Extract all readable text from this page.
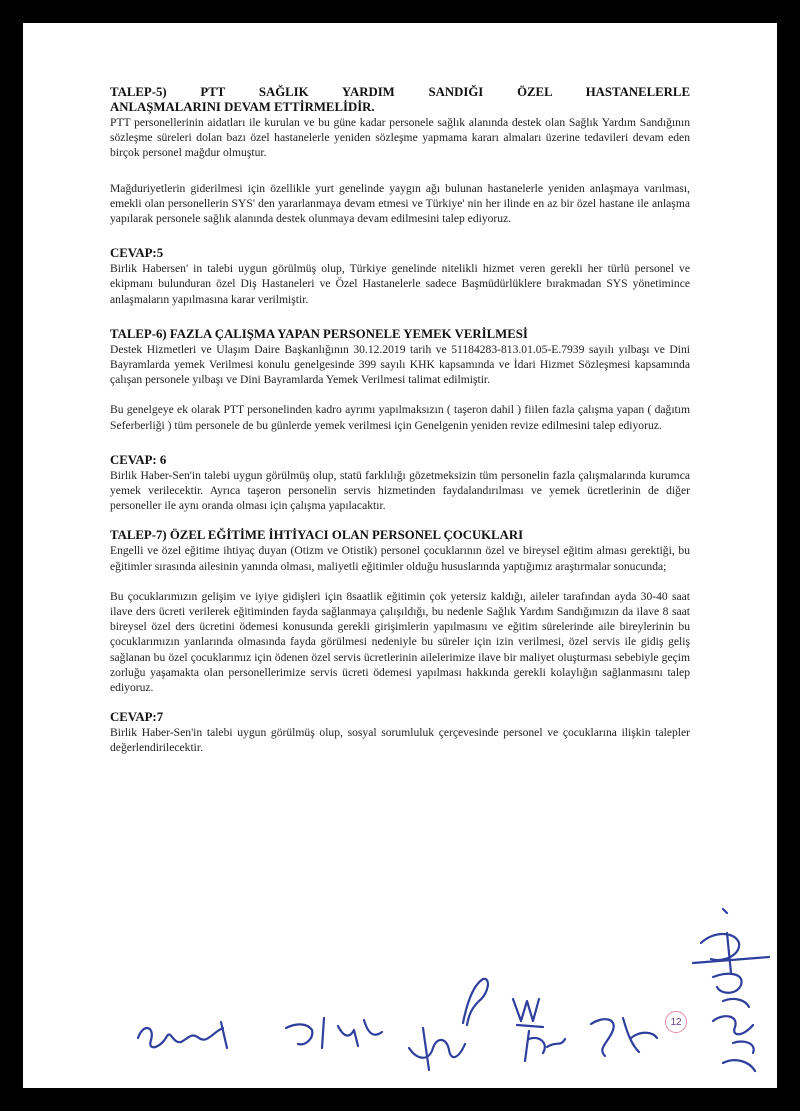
TALEP-5) PTT SAĞLIK YARDIM SANDIĞI ÖZEL HASTANELERLE

ANLAŞMALARINI DEVAM ETTİRMELİDİR.

PTT personellerinin aidatları ile kurulan ve bu güne kadar personele sağlık alanında destek olan Sağlık Yardım Sandığının sözleşme süreleri dolan bazı özel hastanelerle yeniden sözleşme yapmama kararı almaları üzerine tedavileri devam eden birçok personel mağdur olmuştur.

Mağduriyetlerin giderilmesi için özellikle yurt genelinde yaygın ağı bulunan hastanelerle yeniden anlaşmaya varılması, emekli olan personellerin SYS' den yararlanmaya devam etmesi ve Türkiye' nin her ilinde en az bir özel hastane ile anlaşma yapılarak personele sağlık alanında destek olunmaya devam edilmesini talep ediyoruz.

CEVAP:5

Birlik Habersen' in talebi uygun görülmüş olup, Türkiye genelinde nitelikli hizmet veren gerekli her türlü personel ve ekipmanı bulunduran özel Diş Hastaneleri ve Özel Hastanelerle sadece Başmüdürlüklere bırakmadan SYS yönetimince anlaşmaların yapılmasına karar verilmiştir.

TALEP-6) FAZLA ÇALIŞMA YAPAN PERSONELE YEMEK VERİLMESİ

Destek Hizmetleri ve Ulaşım Daire Başkanlığının 30.12.2019 tarih ve 51184283-813.01.05-E.7939 sayılı yılbaşı ve Dini Bayramlarda yemek Verilmesi konulu genelgesinde 399 sayılı KHK kapsamında ve İdari Hizmet Sözleşmesi kapsamında çalışan personele yılbaşı ve Dini Bayramlarda Yemek Verilmesi talimat edilmiştir.

Bu genelgeye ek olarak PTT personelinden kadro ayrımı yapılmaksızın ( taşeron dahil ) fiilen fazla çalışma yapan ( dağıtım Seferberliği ) tüm personele de bu günlerde yemek verilmesi için Genelgenin yeniden revize edilmesini talep ediyoruz.

CEVAP: 6

Birlik Haber-Sen'in talebi uygun görülmüş olup, statü farklılığı gözetmeksizin tüm personelin fazla çalışmalarında kurumca yemek verilecektir. Ayrıca taşeron personelin servis hizmetinden faydalandırılması ve yemek ücretlerinin de diğer personeller ile aynı oranda olması için çalışma yapılacaktır.

TALEP-7) ÖZEL EĞİTİME İHTİYACI OLAN PERSONEL ÇOCUKLARI

Engelli ve özel eğitime ihtiyaç duyan (Otizm ve Otistik) personel çocuklarının özel ve bireysel eğitim alması gerektiği, bu eğitimler sırasında ailesinin yanında olması, maliyetli eğitimler olduğu hususlarında yaptığımız araştırmalar sonucunda;

Bu çocuklarımızın gelişim ve iyiye gidişleri için 8saatlik eğitimin çok yetersiz kaldığı, aileler tarafından ayda 30-40 saat ilave ders ücreti verilerek eğitiminden fayda sağlanmaya çalışıldığı, bu nedenle Sağlık Yardım Sandığımızın da ilave 8 saat bireysel özel ders ücretini ödemesi konusunda gerekli girişimlerin yapılmasını ve eğitim sürelerinde aile bireylerinin bu çocuklarımızın yanlarında olmasında fayda görülmesi nedeniyle bu süreler için izin verilmesi, özel servis ile gidiş geliş sağlanan bu özel çocuklarımız için ödenen özel servis ücretlerinin ailelerimize ilave bir maliyet oluşturması sebebiyle geçim zorluğu yaşamakta olan personellerimize servis ücreti ödemesi yapılması hakkında gerekli kolaylığın sağlanmasını talep ediyoruz.

CEVAP:7

Birlik Haber-Sen'in talebi uygun görülmüş olup, sosyal sorumluluk çerçevesinde personel ve çocuklarına ilişkin talepler değerlendirilecektir.

12
